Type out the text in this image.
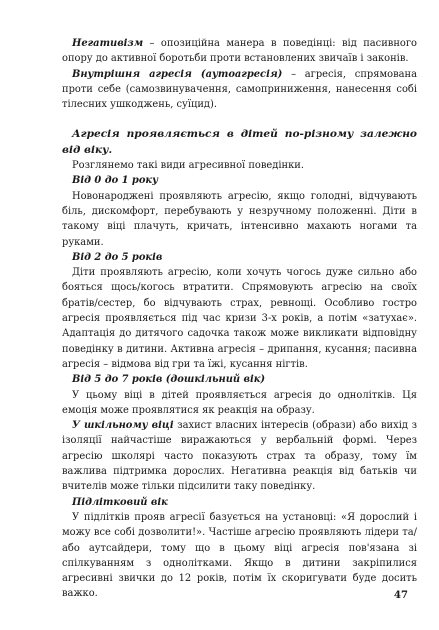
Негативізм – опозиційна манера в поведінці: від пасивного опору до активної боротьби проти встановлених звичаїв і законів.

Внутрішня агресія (аутоагресія) – агресія, спрямована проти себе (самозвинувачення, самоприниження, нанесення собі тілесних ушкоджень, суїцид).

Агресія проявляється в дітей по-різному залежно від віку.

Розглянемо такі види агресивної поведінки.

Від 0 до 1 року

Новонароджені проявляють агресію, якщо голодні, відчувають біль, дискомфорт, перебувають у незручному положенні. Діти в такому віці плачуть, кричать, інтенсивно махають ногами та руками.

Від 2 до 5 років

Діти проявляють агресію, коли хочуть чогось дуже сильно або бояться щось/когось втратити. Спрямовують агресію на своїх братів/сестер, бо відчувають страх, ревнощі. Особливо гостро агресія проявляється під час кризи 3-х років, а потім «затухає». Адаптація до дитячого садочка також може викликати відповідну поведінку в дитини. Активна агресія – дрипання, кусання; пасивна агресія – відмова від гри та їжі, кусання нігтів.

Від 5 до 7 років (дошкільний вік)

У цьому віці в дітей проявляється агресія до однолітків. Ця емоція може проявлятися як реакція на образу.

У шкільному віці захист власних інтересів (образи) або вихід з ізоляції найчастіше виражаються у вербальній формі. Через агресію школярі часто показують страх та образу, тому їм важлива підтримка дорослих. Негативна реакція від батьків чи вчителів може тільки підсилити таку поведінку.

Підлітковий вік

У підлітків прояв агресії базується на установці: «Я дорослий і можу все собі дозволити!». Частіше агресію проявляють лідери та/або аутсайдери, тому що в цьому віці агресія пов'язана зі спілкуванням з однолітками. Якщо в дитини закріпилися агресивні звички до 12 років, потім їх скоригувати буде досить важко.	47
